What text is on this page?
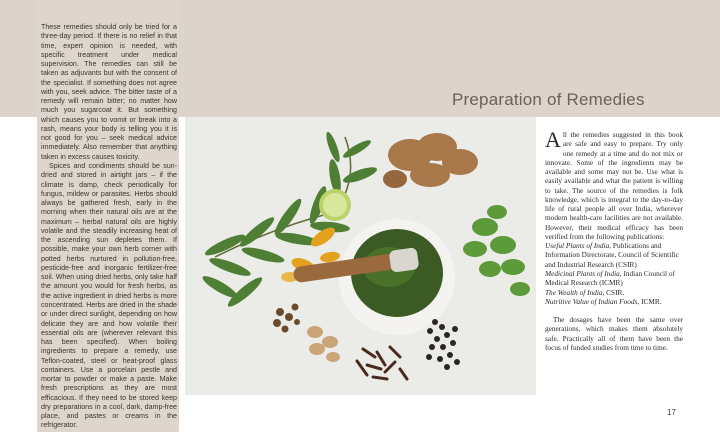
These remedies should only be tried for a three-day period. If there is no relief in that time, expert opinion is needed, with specific treatment under medical supervision. The remedies can still be taken as adjuvants but with the consent of the specialist. If something does not agree with you, seek advice. The bitter taste of a remedy will remain bitter; no matter how much you sugarcoat it. But something which causes you to vomit or break into a rash, means your body is telling you it is not good for you – seek medical advice immediately. Also remember that anything taken in excess causes toxicity.

Spices and condiments should be sun-dried and stored in airtight jars – if the climate is damp, check periodically for fungus, mildew or parasites. Herbs should always be gathered fresh, early in the morning when their natural oils are at the maximum – herbal natural oils are highly volatile and the steadily increasing heat of the ascending sun depletes them. If possible, make your own herb corner with potted herbs nurtured in pollution-free, pesticide-free and inorganic fertilizer-free soil. When using dried herbs, only take half the amount you would for fresh herbs, as the active ingredient in dried herbs is more concentrated. Herbs are dried in the shade or under direct sunlight, depending on how delicate they are and how volatile their essential oils are (wherever relevant this has been specified). When boiling ingredients to prepare a remedy, use Teflon-coated, steel or heat-proof glass containers. Use a porcelain pestle and mortar to powder or make a paste. Make fresh prescriptions as they are most efficacious. If they need to be stored keep dry preparations in a cool, dark, damp-free place, and pastes or creams in the refrigerator.

Preparation of Remedies

All the remedies suggested in this book are safe and easy to prepare. Try only one remedy at a time and do not mix or innovate. Some of the ingredients may be available and some may not be. Use what is easily available and what the patient is willing to take. The source of the remedies is folk knowledge, which is integral to the day-to-day life of rural people all over India, wherever modern health-care facilities are not available. However, their medical efficacy has been verified from the following publications:

Useful Plants of India, Publications and Information Directorate, Council of Scientific and Industrial Research (CSIR)

Medicinal Plants of India, Indian Council of Medical Research (ICMR)

The Wealth of India, CSIR.

Nutritive Value of Indian Foods, ICMR.

The dosages have been the same over generations, which makes them absolutely safe. Practically all of them have been the focus of funded studies from time to time.

17
